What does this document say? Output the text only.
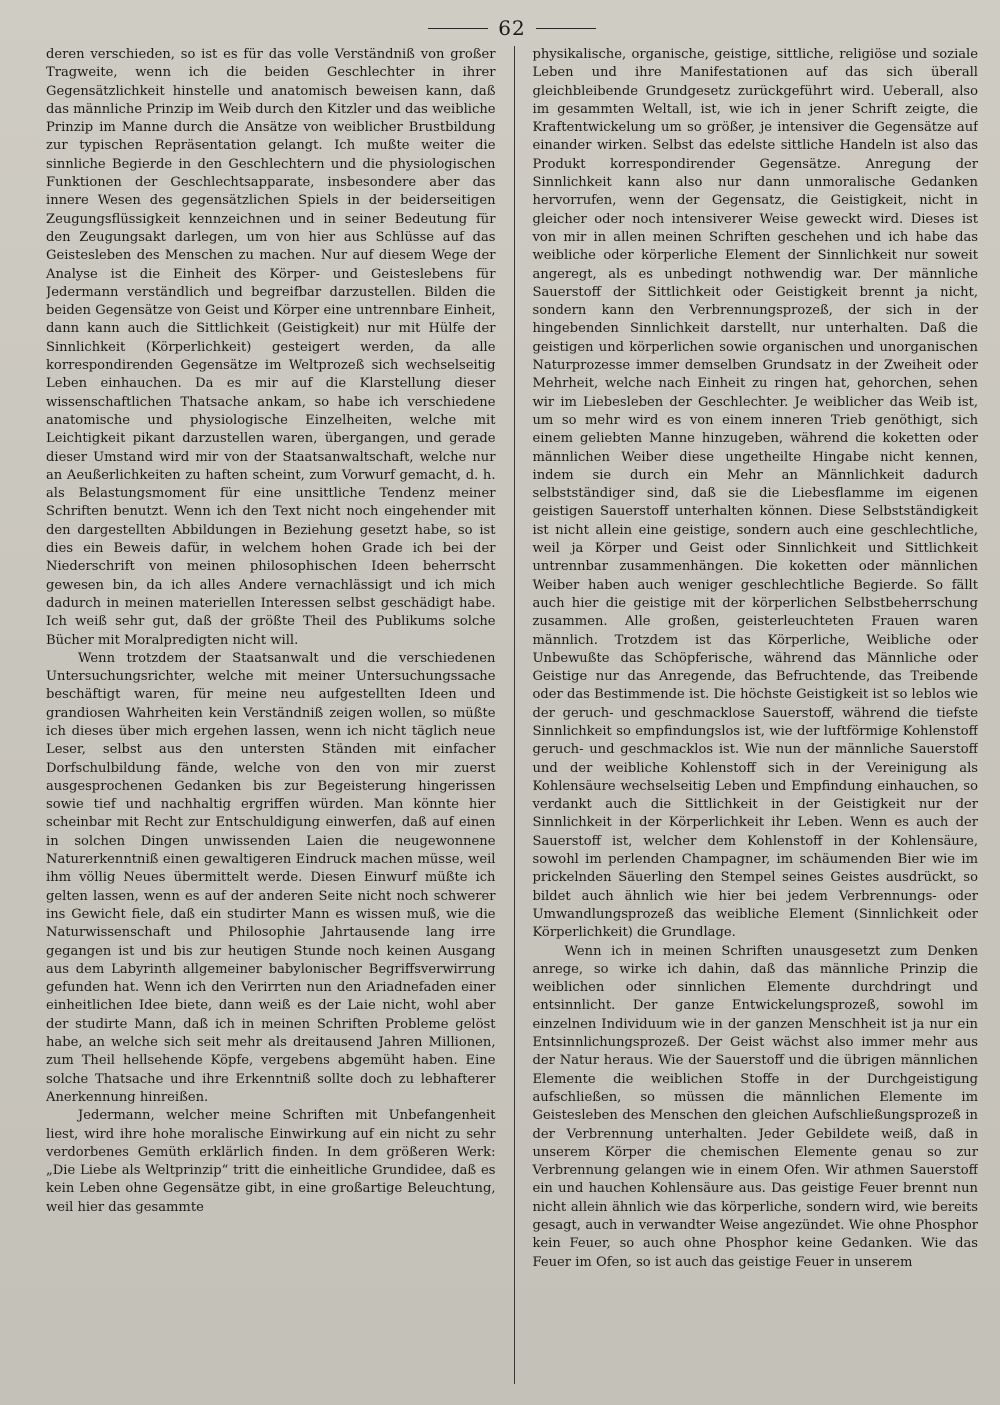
62

deren verschieden, so ist es für das volle Verständniß von großer Tragweite, wenn ich die beiden Geschlechter in ihrer Gegensätzlichkeit hinstelle und anatomisch beweisen kann, daß das männliche Prinzip im Weib durch den Kitzler und das weibliche Prinzip im Manne durch die Ansätze von weiblicher Brustbildung zur typischen Repräsentation gelangt. Ich mußte weiter die sinnliche Begierde in den Geschlechtern und die physiologischen Funktionen der Geschlechtsapparate, insbesondere aber das innere Wesen des gegensätzlichen Spiels in der beiderseitigen Zeugungsflüssigkeit kennzeichnen und in seiner Bedeutung für den Zeugungsakt darlegen, um von hier aus Schlüsse auf das Geistesleben des Menschen zu machen. Nur auf diesem Wege der Analyse ist die Einheit des Körper- und Geisteslebens für Jedermann verständlich und begreifbar darzustellen. Bilden die beiden Gegensätze von Geist und Körper eine untrennbare Einheit, dann kann auch die Sittlichkeit (Geistigkeit) nur mit Hülfe der Sinnlichkeit (Körperlichkeit) gesteigert werden, da alle korrespondirenden Gegensätze im Weltprozeß sich wechselseitig Leben einhauchen. Da es mir auf die Klarstellung dieser wissenschaftlichen Thatsache ankam, so habe ich verschiedene anatomische und physiologische Einzelheiten, welche mit Leichtigkeit pikant darzustellen waren, übergangen, und gerade dieser Umstand wird mir von der Staatsanwaltschaft, welche nur an Aeußerlichkeiten zu haften scheint, zum Vorwurf gemacht, d. h. als Belastungsmoment für eine unsittliche Tendenz meiner Schriften benutzt. Wenn ich den Text nicht noch eingehender mit den dargestellten Abbildungen in Beziehung gesetzt habe, so ist dies ein Beweis dafür, in welchem hohen Grade ich bei der Niederschrift von meinen philosophischen Ideen beherrscht gewesen bin, da ich alles Andere vernachlässigt und ich mich dadurch in meinen materiellen Interessen selbst geschädigt habe. Ich weiß sehr gut, daß der größte Theil des Publikums solche Bücher mit Moralpredigten nicht will.

Wenn trotzdem der Staatsanwalt und die verschiedenen Untersuchungsrichter, welche mit meiner Untersuchungssache beschäftigt waren, für meine neu aufgestellten Ideen und grandiosen Wahrheiten kein Verständniß zeigen wollen, so müßte ich dieses über mich ergehen lassen, wenn ich nicht täglich neue Leser, selbst aus den untersten Ständen mit einfacher Dorfschulbildung fände, welche von den von mir zuerst ausgesprochenen Gedanken bis zur Begeisterung hingerissen sowie tief und nachhaltig ergriffen würden. Man könnte hier scheinbar mit Recht zur Entschuldigung einwerfen, daß auf einen in solchen Dingen unwissenden Laien die neugewonnene Naturerkenntniß einen gewaltigeren Eindruck machen müsse, weil ihm völlig Neues übermittelt werde. Diesen Einwurf müßte ich gelten lassen, wenn es auf der anderen Seite nicht noch schwerer ins Gewicht fiele, daß ein studirter Mann es wissen muß, wie die Naturwissenschaft und Philosophie Jahrtausende lang irre gegangen ist und bis zur heutigen Stunde noch keinen Ausgang aus dem Labyrinth allgemeiner babylonischer Begriffsverwirrung gefunden hat. Wenn ich den Verirrten nun den Ariadnefaden einer einheitlichen Idee biete, dann weiß es der Laie nicht, wohl aber der studirte Mann, daß ich in meinen Schriften Probleme gelöst habe, an welche sich seit mehr als dreitausend Jahren Millionen, zum Theil hellsehende Köpfe, vergebens abgemüht haben. Eine solche Thatsache und ihre Erkenntniß sollte doch zu lebhafterer Anerkennung hinreißen.

Jedermann, welcher meine Schriften mit Unbefangenheit liest, wird ihre hohe moralische Einwirkung auf ein nicht zu sehr verdorbenes Gemüth erklärlich finden. In dem größeren Werk: „Die Liebe als Weltprinzip“ tritt die einheitliche Grundidee, daß es kein Leben ohne Gegensätze gibt, in eine großartige Beleuchtung, weil hier das gesammte

physikalische, organische, geistige, sittliche, religiöse und soziale Leben und ihre Manifestationen auf das sich überall gleichbleibende Grundgesetz zurückgeführt wird. Ueberall, also im gesammten Weltall, ist, wie ich in jener Schrift zeigte, die Kraftentwickelung um so größer, je intensiver die Gegensätze auf einander wirken. Selbst das edelste sittliche Handeln ist also das Produkt korrespondirender Gegensätze. Anregung der Sinnlichkeit kann also nur dann unmoralische Gedanken hervorrufen, wenn der Gegensatz, die Geistigkeit, nicht in gleicher oder noch intensiverer Weise geweckt wird. Dieses ist von mir in allen meinen Schriften geschehen und ich habe das weibliche oder körperliche Element der Sinnlichkeit nur soweit angeregt, als es unbedingt nothwendig war. Der männliche Sauerstoff der Sittlichkeit oder Geistigkeit brennt ja nicht, sondern kann den Verbrennungsprozeß, der sich in der hingebenden Sinnlichkeit darstellt, nur unterhalten. Daß die geistigen und körperlichen sowie organischen und unorganischen Naturprozesse immer demselben Grundsatz in der Zweiheit oder Mehrheit, welche nach Einheit zu ringen hat, gehorchen, sehen wir im Liebesleben der Geschlechter. Je weiblicher das Weib ist, um so mehr wird es von einem inneren Trieb genöthigt, sich einem geliebten Manne hinzugeben, während die koketten oder männlichen Weiber diese ungetheilte Hingabe nicht kennen, indem sie durch ein Mehr an Männlichkeit dadurch selbstständiger sind, daß sie die Liebesflamme im eigenen geistigen Sauerstoff unterhalten können. Diese Selbstständigkeit ist nicht allein eine geistige, sondern auch eine geschlechtliche, weil ja Körper und Geist oder Sinnlichkeit und Sittlichkeit untrennbar zusammenhängen. Die koketten oder männlichen Weiber haben auch weniger geschlechtliche Begierde. So fällt auch hier die geistige mit der körperlichen Selbstbeherrschung zusammen. Alle großen, geisterleuchteten Frauen waren männlich. Trotzdem ist das Körperliche, Weibliche oder Unbewußte das Schöpferische, während das Männliche oder Geistige nur das Anregende, das Befruchtende, das Treibende oder das Bestimmende ist. Die höchste Geistigkeit ist so leblos wie der geruch- und geschmacklose Sauerstoff, während die tiefste Sinnlichkeit so empfindungslos ist, wie der luftförmige Kohlenstoff geruch- und geschmacklos ist. Wie nun der männliche Sauerstoff und der weibliche Kohlenstoff sich in der Vereinigung als Kohlensäure wechselseitig Leben und Empfindung einhauchen, so verdankt auch die Sittlichkeit in der Geistigkeit nur der Sinnlichkeit in der Körperlichkeit ihr Leben. Wenn es auch der Sauerstoff ist, welcher dem Kohlenstoff in der Kohlensäure, sowohl im perlenden Champagner, im schäumenden Bier wie im prickelnden Säuerling den Stempel seines Geistes ausdrückt, so bildet auch ähnlich wie hier bei jedem Verbrennungs- oder Umwandlungsprozeß das weibliche Element (Sinnlichkeit oder Körperlichkeit) die Grundlage.

Wenn ich in meinen Schriften unausgesetzt zum Denken anrege, so wirke ich dahin, daß das männliche Prinzip die weiblichen oder sinnlichen Elemente durchdringt und entsinnlicht. Der ganze Entwickelungsprozeß, sowohl im einzelnen Individuum wie in der ganzen Menschheit ist ja nur ein Entsinnlichungsprozeß. Der Geist wächst also immer mehr aus der Natur heraus. Wie der Sauerstoff und die übrigen männlichen Elemente die weiblichen Stoffe in der Durchgeistigung aufschließen, so müssen die männlichen Elemente im Geistesleben des Menschen den gleichen Aufschließungsprozeß in der Verbrennung unterhalten. Jeder Gebildete weiß, daß in unserem Körper die chemischen Elemente genau so zur Verbrennung gelangen wie in einem Ofen. Wir athmen Sauerstoff ein und hauchen Kohlensäure aus. Das geistige Feuer brennt nun nicht allein ähnlich wie das körperliche, sondern wird, wie bereits gesagt, auch in verwandter Weise angezündet. Wie ohne Phosphor kein Feuer, so auch ohne Phosphor keine Gedanken. Wie das Feuer im Ofen, so ist auch das geistige Feuer in unserem
